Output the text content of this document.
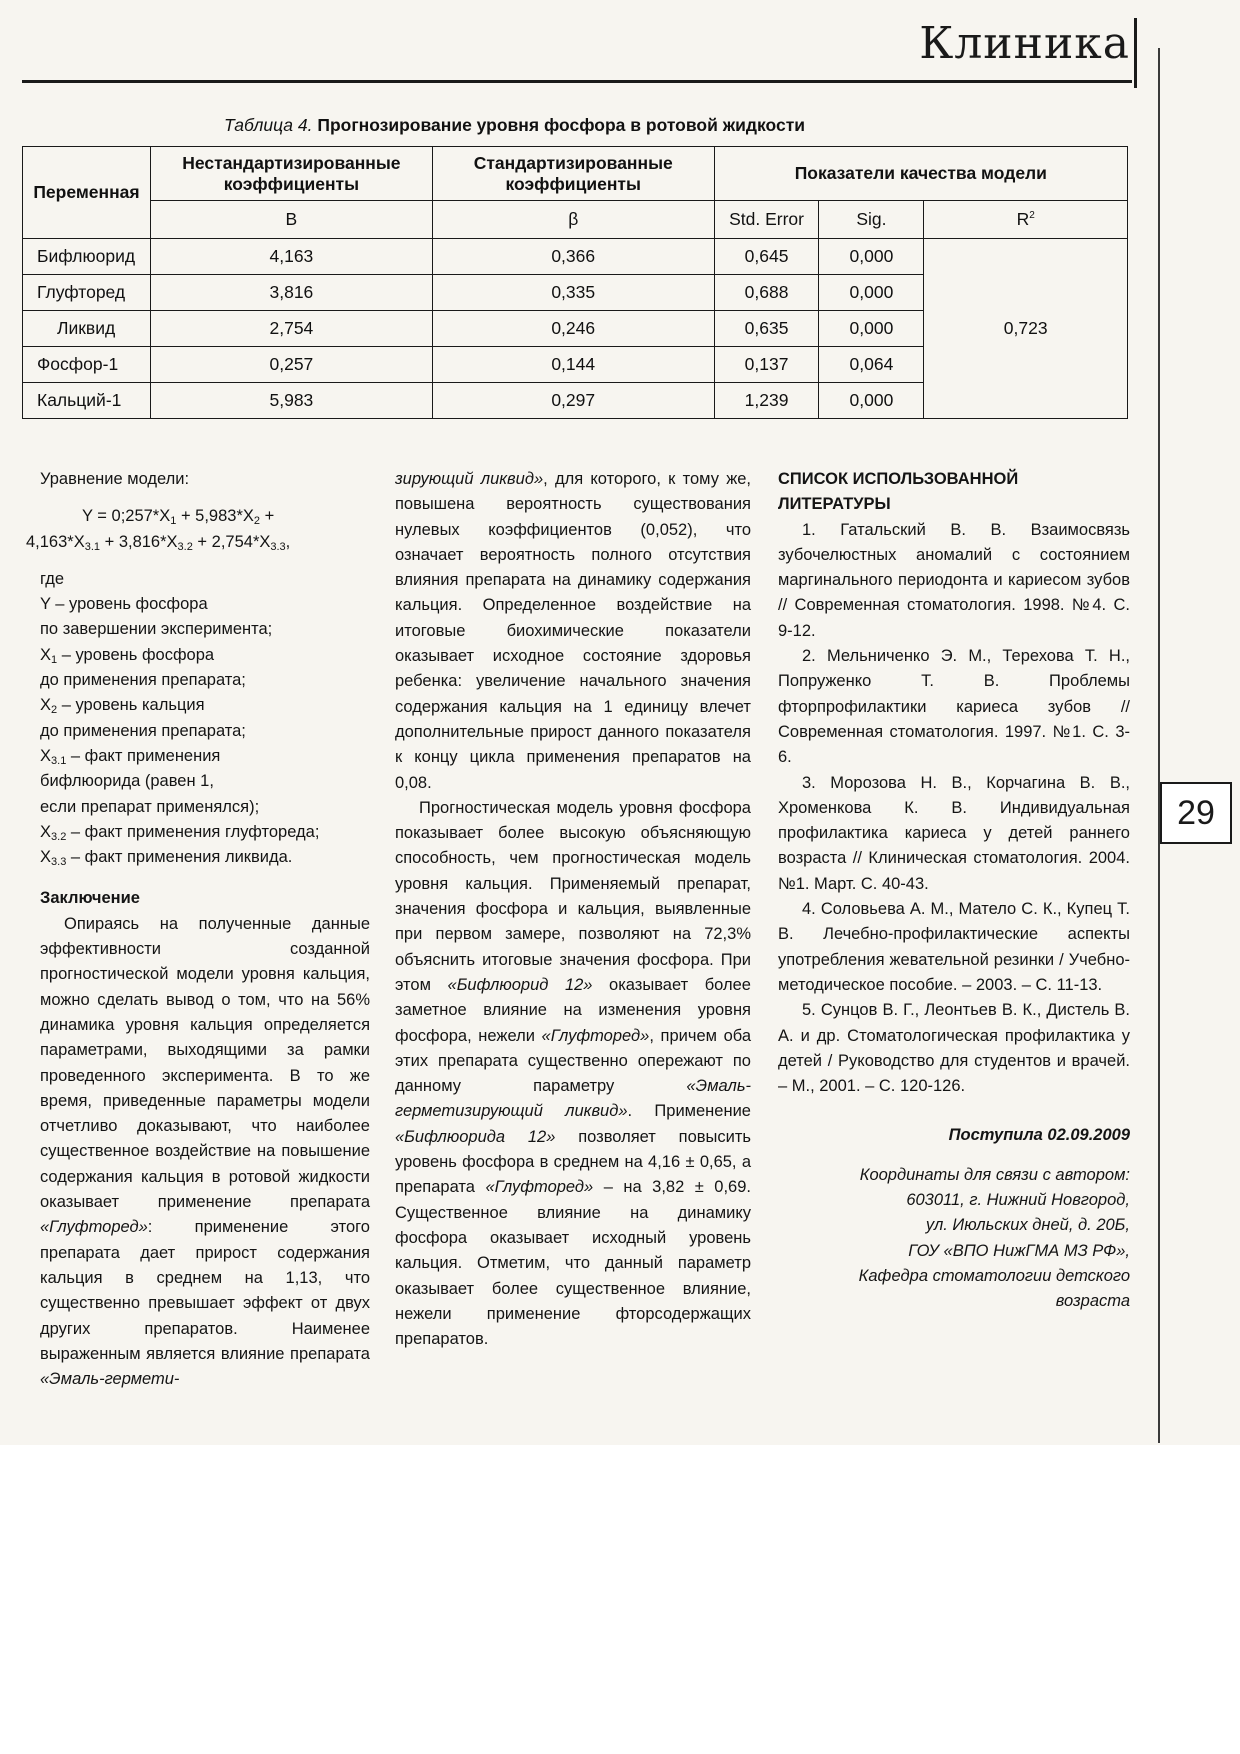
Клиника
29
Таблица 4. Прогнозирование уровня фосфора в ротовой жидкости
Переменная	Нестандартизированные коэффициенты	Стандартизированные коэффициенты	Показатели качества модели		
	B	β	Std. Error	Sig.	$R^2$
Бифлюорид	4,163	0,366	0,645	0,000	0,723
Глуфторед	3,816	0,335	0,688	0,000	
Ликвид	2,754	0,246	0,635	0,000	
Фосфор-1	0,257	0,144	0,137	0,064	
Кальций-1	5,983	0,297	1,239	0,000	

Уравнение модели:

$Y = 0;257*X_1 + 5,983*X_2$ +

$4,163*X_{3.1} + 3,816*X_{3.2} + 2,754*X_{3.3}$,

где

Y – уровень фосфора

по завершении эксперимента;

$X_1$ – уровень фосфора

до применения препарата;

$X_2$ – уровень кальция

до применения препарата;

$X_{3.1}$ – факт применения

бифлюорида (равен 1,

если препарат применялся);

$X_{3.2}$ – факт применения глуфтореда;

$X_{3.3}$ – факт применения ликвида.

Заключение

Опираясь на полученные данные эффективности созданной прогностической модели уровня кальция, можно сделать вывод о том, что на 56% динамика уровня кальция определяется параметрами, выходящими за рамки проведенного эксперимента. В то же время, приведенные параметры модели отчетливо доказывают, что наиболее существенное воздействие на повышение содержания кальция в ротовой жидкости оказывает применение препарата «Глуфторед»: применение этого препарата дает прирост содержания кальция в среднем на 1,13, что существенно превышает эффект от двух других препаратов. Наименее выраженным является влияние препарата «Эмаль-гермети-

зирующий ликвид», для которого, к тому же, повышена вероятность существования нулевых коэффициентов (0,052), что означает вероятность полного отсутствия влияния препарата на динамику содержания кальция. Определенное воздействие на итоговые биохимические показатели оказывает исходное состояние здоровья ребенка: увеличение начального значения содержания кальция на 1 единицу влечет дополнительные прирост данного показателя к концу цикла применения препаратов на 0,08.

Прогностическая модель уровня фосфора показывает более высокую объясняющую способность, чем прогностическая модель уровня кальция. Применяемый препарат, значения фосфора и кальция, выявленные при первом замере, позволяют на 72,3% объяснить итоговые значения фосфора. При этом «Бифлюорид 12» оказывает более заметное влияние на изменения уровня фосфора, нежели «Глуфторед», причем оба этих препарата существенно опережают по данному параметру	«Эмаль-герметизирующий ликвид». Применение «Бифлюорида 12» позволяет повысить уровень фосфора в среднем на 4,16 ± 0,65, а препарата «Глуфторед» – на 3,82 ± 0,69. Существенное влияние на динамику фосфора оказывает исходный уровень кальция. Отметим, что данный параметр оказывает более существенное влияние, нежели применение фторсодержащих препаратов.

СПИСОК ИСПОЛЬЗОВАННОЙ ЛИТЕРАТУРЫ

1. Гатальский В. В. Взаимосвязь зубочелюстных аномалий с состоянием маргинального периодонта и кариесом зубов // Современная стоматология. 1998. №4. С. 9-12.

2. Мельниченко Э. М., Терехова Т. Н., Попруженко Т. В. Проблемы фторпрофилактики кариеса зубов // Современная стоматология. 1997. №1. С. 3-6.

3. Морозова Н. В., Корчагина В. В., Хроменкова К. В. Индивидуальная профилактика кариеса у детей раннего возраста // Клиническая стоматология. 2004. №1. Март. С. 40-43.

4. Соловьева А. М., Матело С. К., Купец Т. В. Лечебно-профилактические аспекты употребления жевательной резинки / Учебно-методическое пособие. – 2003. – С. 11-13.

5. Сунцов В. Г., Леонтьев В. К., Дистель В. А. и др. Стоматологическая профилактика у детей / Руководство для студентов и врачей. – М., 2001. – С. 120-126.

Поступила 02.09.2009

Координаты для связи с автором:

603011, г. Нижний Новгород,

ул. Июльских дней, д. 20Б,

ГОУ «ВПО НижГМА МЗ РФ»,

Кафедра стоматологии детского

возраста
